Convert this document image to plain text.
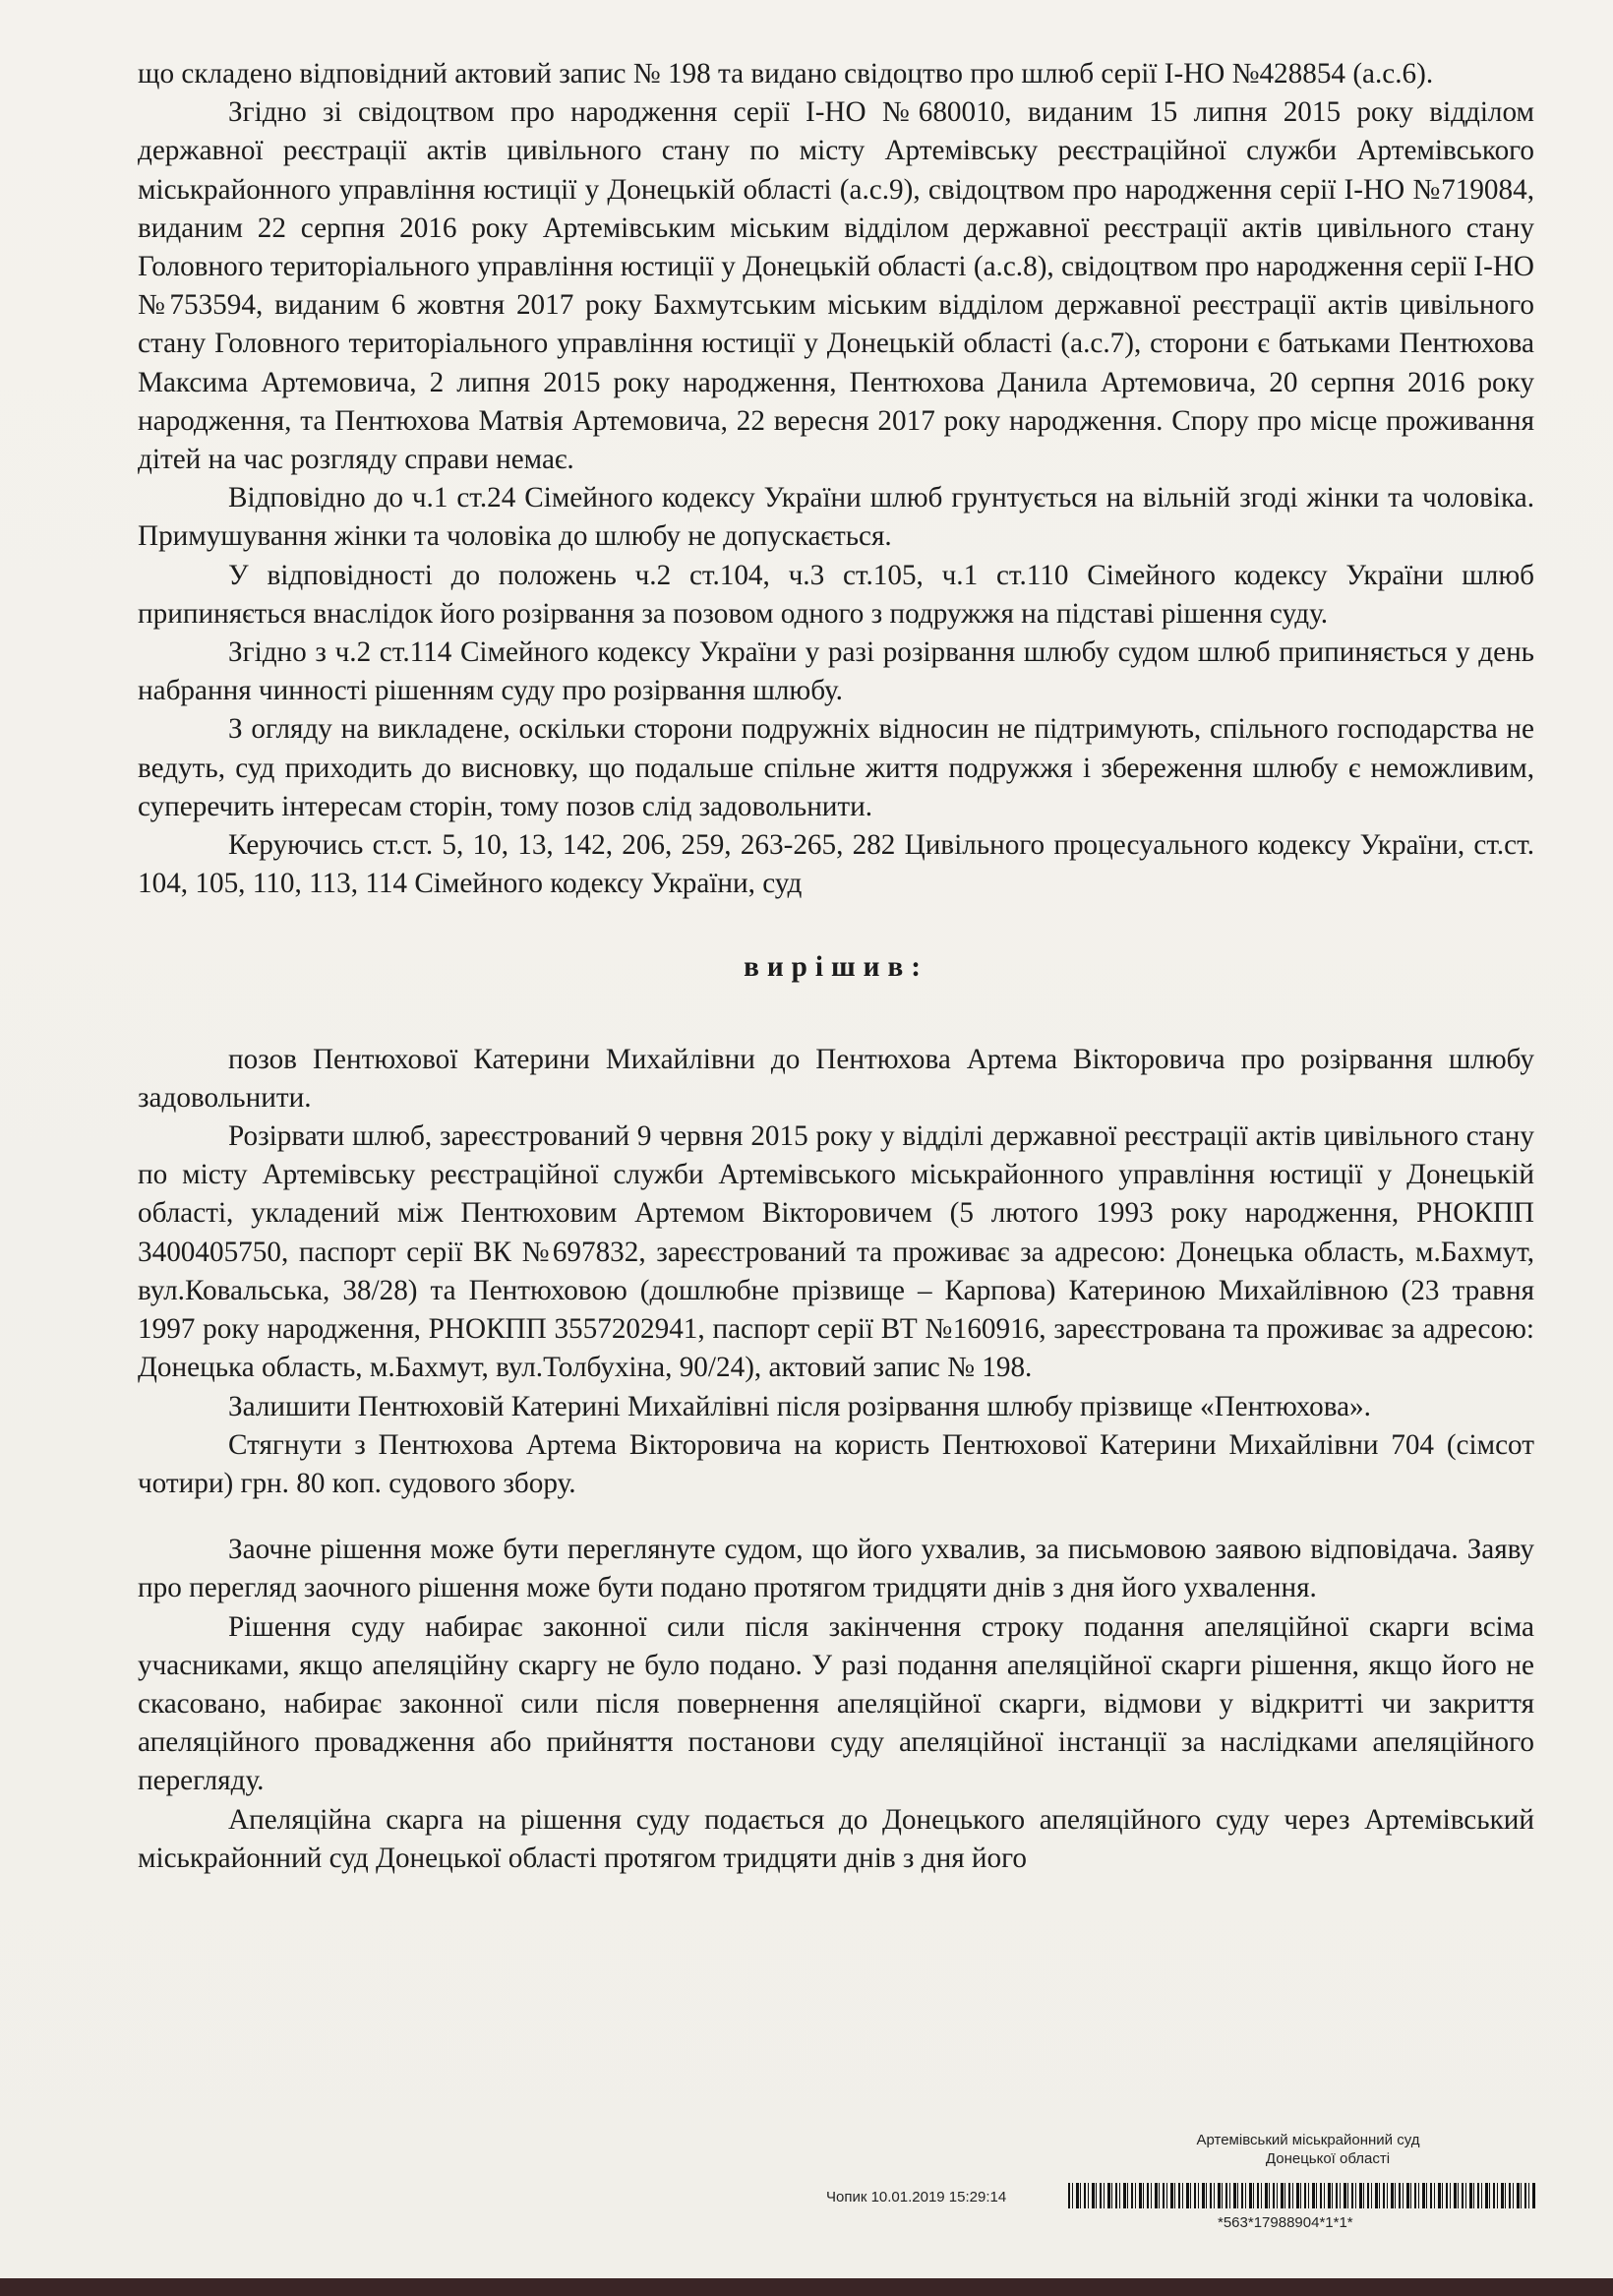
що складено відповідний актовий запис № 198 та видано свідоцтво про шлюб серії І-НО №428854 (а.с.6).

Згідно зі свідоцтвом про народження серії І-НО №680010, виданим 15 липня 2015 року відділом державної реєстрації актів цивільного стану по місту Артемівську реєстраційної служби Артемівського міськрайонного управління юстиції у Донецькій області (а.с.9), свідоцтвом про народження серії І-НО №719084, виданим 22 серпня 2016 року Артемівським міським відділом державної реєстрації актів цивільного стану Головного територіального управління юстиції у Донецькій області (а.с.8), свідоцтвом про народження серії І-НО №753594, виданим 6 жовтня 2017 року Бахмутським міським відділом державної реєстрації актів цивільного стану Головного територіального управління юстиції у Донецькій області (а.с.7), сторони є батьками Пентюхова Максима Артемовича, 2 липня 2015 року народження, Пентюхова Данила Артемовича, 20 серпня 2016 року народження, та Пентюхова Матвія Артемовича, 22 вересня 2017 року народження. Спору про місце проживання дітей на час розгляду справи немає.

Відповідно до ч.1 ст.24 Сімейного кодексу України шлюб грунтується на вільній згоді жінки та чоловіка. Примушування жінки та чоловіка до шлюбу не допускається.

У відповідності до положень ч.2 ст.104, ч.3 ст.105, ч.1 ст.110 Сімейного кодексу України шлюб припиняється внаслідок його розірвання за позовом одного з подружжя на підставі рішення суду.

Згідно з ч.2 ст.114 Сімейного кодексу України у разі розірвання шлюбу судом шлюб припиняється у день набрання чинності рішенням суду про розірвання шлюбу.

З огляду на викладене, оскільки сторони подружніх відносин не підтримують, спільного господарства не ведуть, суд приходить до висновку, що подальше спільне життя подружжя і збереження шлюбу є неможливим, суперечить інтересам сторін, тому позов слід задовольнити.

Керуючись ст.ст. 5, 10, 13, 142, 206, 259, 263-265, 282 Цивільного процесуального кодексу України, ст.ст. 104, 105, 110, 113, 114 Сімейного кодексу України, суд

вирішив:

позов Пентюхової Катерини Михайлівни до Пентюхова Артема Вікторовича про розірвання шлюбу задовольнити.

Розірвати шлюб, зареєстрований 9 червня 2015 року у відділі державної реєстрації актів цивільного стану по місту Артемівську реєстраційної служби Артемівського міськрайонного управління юстиції у Донецькій області, укладений між Пентюховим Артемом Вікторовичем (5 лютого 1993 року народження, РНОКПП 3400405750, паспорт серії ВК №697832, зареєстрований та проживає за адресою: Донецька область, м.Бахмут, вул.Ковальська, 38/28) та Пентюховою (дошлюбне прізвище – Карпова) Катериною Михайлівною (23 травня 1997 року народження, РНОКПП 3557202941, паспорт серії ВТ №160916, зареєстрована та проживає за адресою: Донецька область, м.Бахмут, вул.Толбухіна, 90/24), актовий запис № 198.

Залишити Пентюховій Катерині Михайлівні після розірвання шлюбу прізвище «Пентюхова».

Стягнути з Пентюхова Артема Вікторовича на користь Пентюхової Катерини Михайлівни 704 (сімсот чотири) грн. 80 коп. судового збору.

Заочне рішення може бути переглянуте судом, що його ухвалив, за письмовою заявою відповідача. Заяву про перегляд заочного рішення може бути подано протягом тридцяти днів з дня його ухвалення.

Рішення суду набирає законної сили після закінчення строку подання апеляційної скарги всіма учасниками, якщо апеляційну скаргу не було подано. У разі подання апеляційної скарги рішення, якщо його не скасовано, набирає законної сили після повернення апеляційної скарги, відмови у відкритті чи закриття апеляційного провадження або прийняття постанови суду апеляційної інстанції за наслідками апеляційного перегляду.

Апеляційна скарга на рішення суду подається до Донецького апеляційного суду через Артемівський міськрайонний суд Донецької області протягом тридцяти днів з дня його

Артемівський міськрайонний суд
Донецької області
Чопик 10.01.2019 15:29:14
*563*17988904*1*1*
